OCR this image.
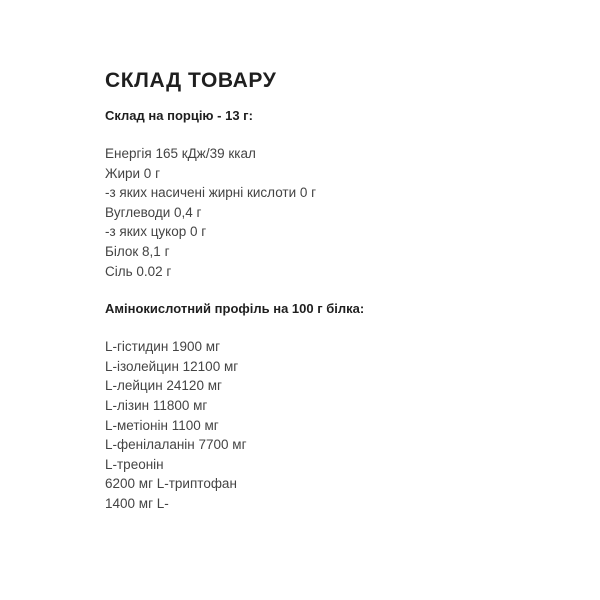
СКЛАД ТОВАРУ

Склад на порцію - 13 г:

Енергія 165 кДж/39 ккал

Жири 0 г

-з яких насичені жирні кислоти 0 г

Вуглеводи 0,4 г

-з яких цукор 0 г

Білок 8,1 г

Сіль 0.02 г

Амінокислотний профіль на 100 г білка:

L-гістидин 1900 мг

L-ізолейцин 12100 мг

L-лейцин 24120 мг

L-лізин 11800 мг

L-метіонін 1100 мг

L-фенілаланін 7700 мг

L-треонін

6200 мг L-триптофан

1400 мг L-
